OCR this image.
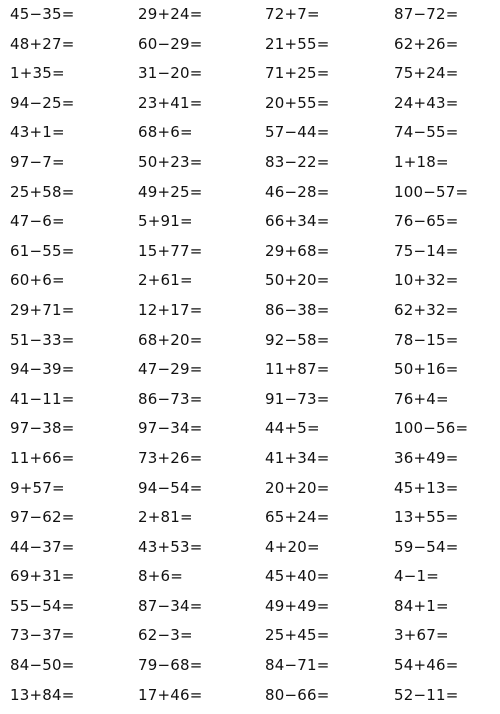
45−35=	29+24=	72+7=	87−72=
48+27=	60−29=	21+55=	62+26=
1+35=	31−20=	71+25=	75+24=
94−25=	23+41=	20+55=	24+43=
43+1=	68+6=	57−44=	74−55=
97−7=	50+23=	83−22=	1+18=
25+58=	49+25=	46−28=	100−57=
47−6=	5+91=	66+34=	76−65=
61−55=	15+77=	29+68=	75−14=
60+6=	2+61=	50+20=	10+32=
29+71=	12+17=	86−38=	62+32=
51−33=	68+20=	92−58=	78−15=
94−39=	47−29=	11+87=	50+16=
41−11=	86−73=	91−73=	76+4=
97−38=	97−34=	44+5=	100−56=
11+66=	73+26=	41+34=	36+49=
9+57=	94−54=	20+20=	45+13=
97−62=	2+81=	65+24=	13+55=
44−37=	43+53=	4+20=	59−54=
69+31=	8+6=	45+40=	4−1=
55−54=	87−34=	49+49=	84+1=
73−37=	62−3=	25+45=	3+67=
84−50=	79−68=	84−71=	54+46=
13+84=	17+46=	80−66=	52−11=
